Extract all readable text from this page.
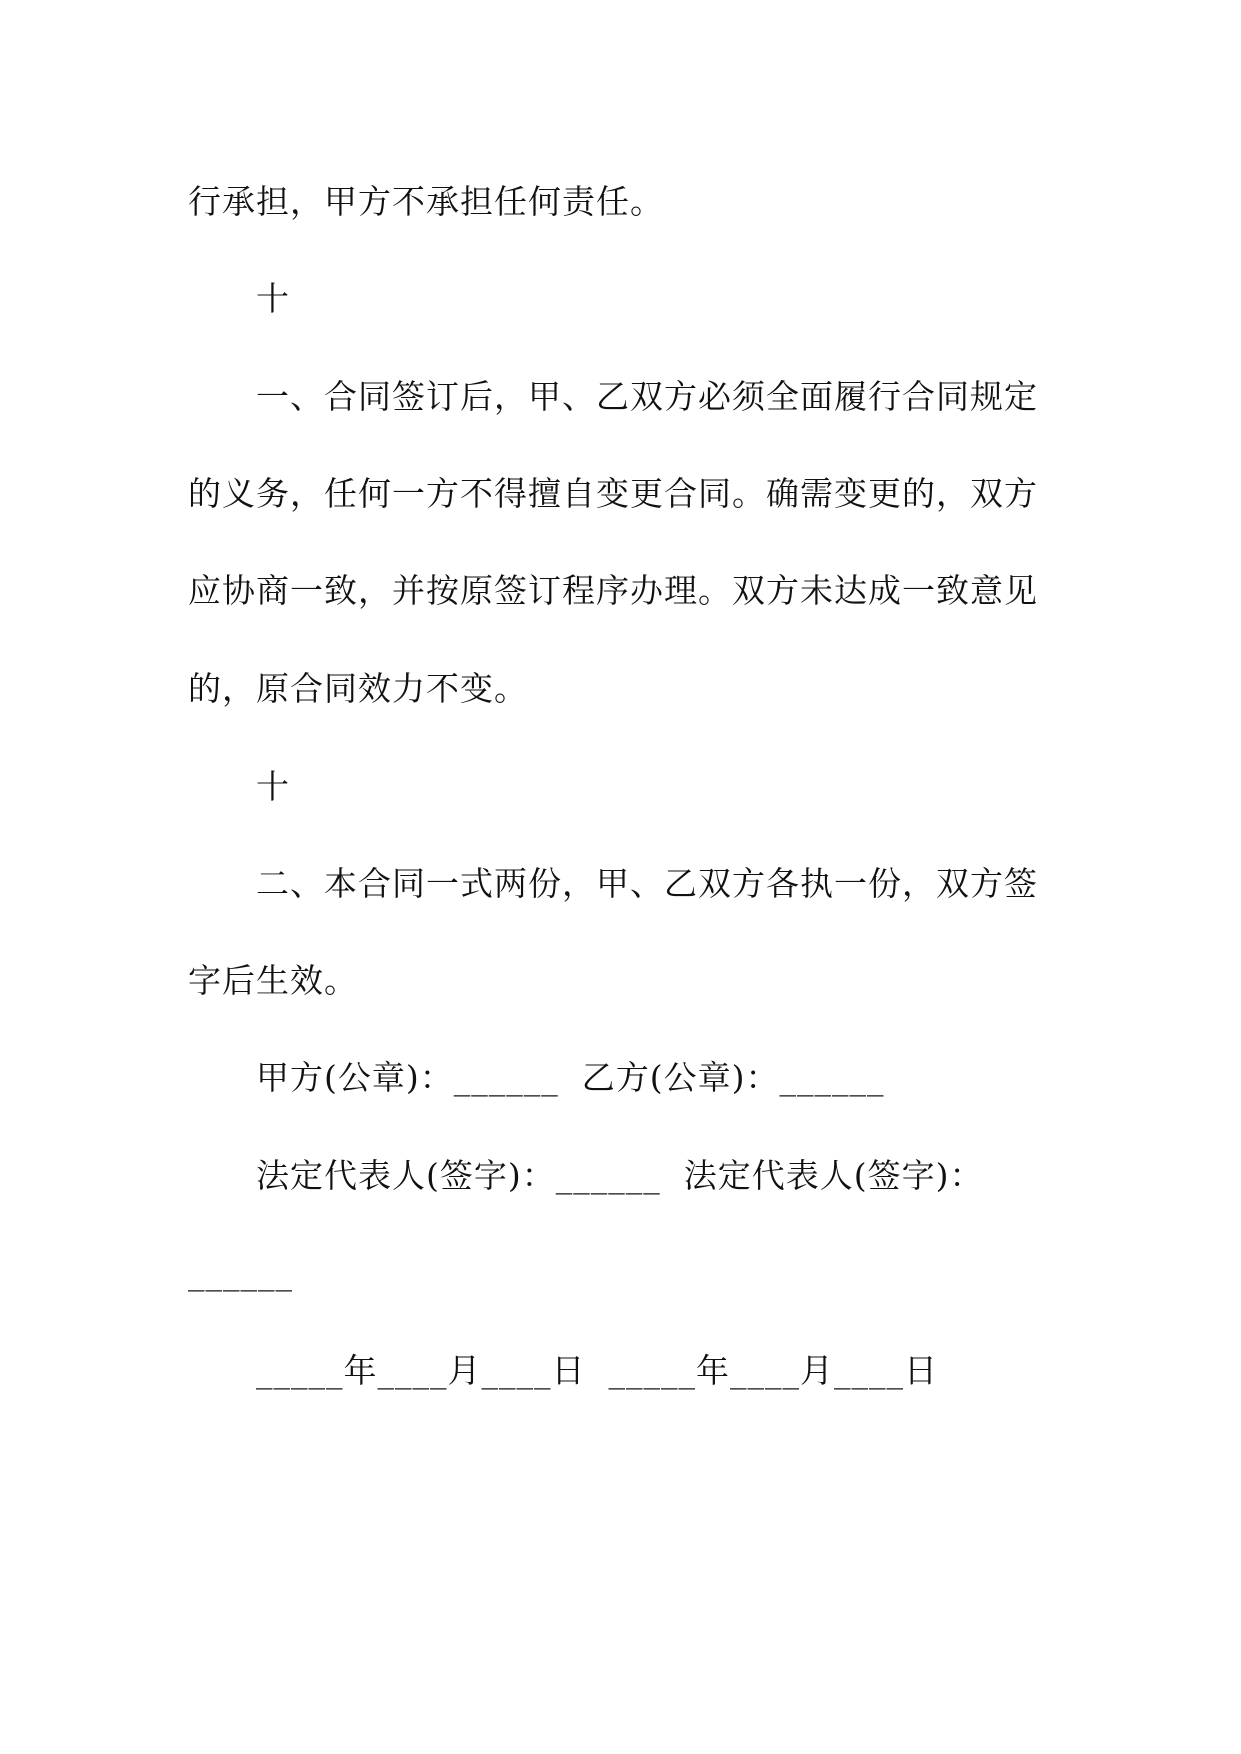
行承担，甲方不承担任何责任。
十
一、合同签订后，甲、乙双方必须全面履行合同规定
的义务，任何一方不得擅自变更合同。确需变更的，双方
应协商一致，并按原签订程序办理。双方未达成一致意见
的，原合同效力不变。
十
二、本合同一式两份，甲、乙双方各执一份，双方签
字后生效。
甲方(公章)：______  乙方(公章)：______
法定代表人(签字)：______  法定代表人(签字)：
______
_____年____月____日  _____年____月____日
